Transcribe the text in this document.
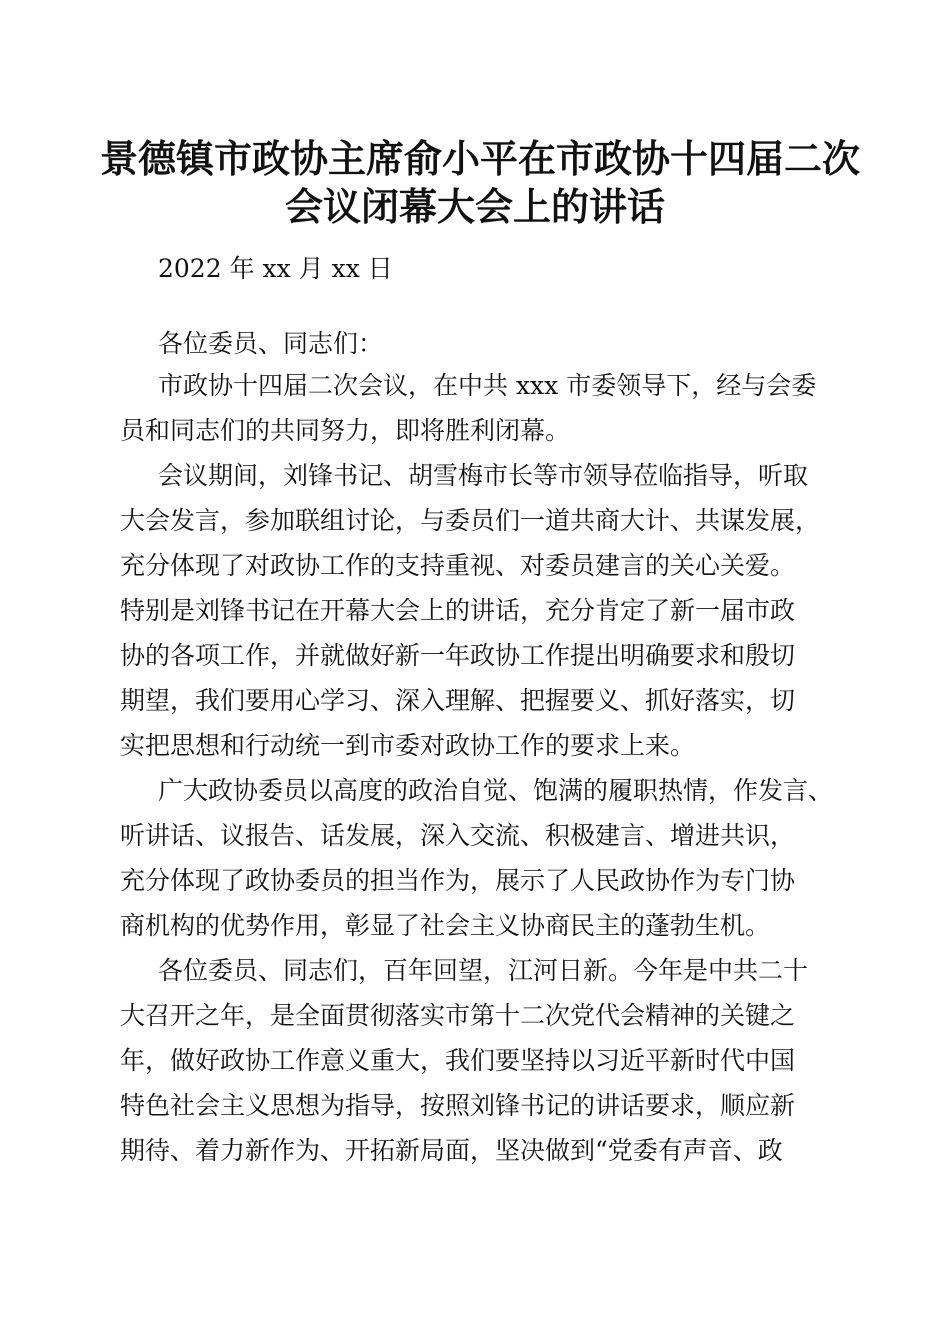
景德镇市政协主席俞小平在市政协十四届二次
会议闭幕大会上的讲话
2022 年 xx 月 xx 日
各位委员、同志们：
市政协十四届二次会议，在中共 xxx 市委领导下，经与会委
员和同志们的共同努力，即将胜利闭幕。
会议期间，刘锋书记、胡雪梅市长等市领导莅临指导，听取
大会发言，参加联组讨论，与委员们一道共商大计、共谋发展，
充分体现了对政协工作的支持重视、对委员建言的关心关爱。
特别是刘锋书记在开幕大会上的讲话，充分肯定了新一届市政
协的各项工作，并就做好新一年政协工作提出明确要求和殷切
期望，我们要用心学习、深入理解、把握要义、抓好落实，切
实把思想和行动统一到市委对政协工作的要求上来。
广大政协委员以高度的政治自觉、饱满的履职热情，作发言、
听讲话、议报告、话发展，深入交流、积极建言、增进共识，
充分体现了政协委员的担当作为，展示了人民政协作为专门协
商机构的优势作用，彰显了社会主义协商民主的蓬勃生机。
各位委员、同志们，百年回望，江河日新。今年是中共二十
大召开之年，是全面贯彻落实市第十二次党代会精神的关键之
年，做好政协工作意义重大，我们要坚持以习近平新时代中国
特色社会主义思想为指导，按照刘锋书记的讲话要求，顺应新
期待、着力新作为、开拓新局面，坚决做到“党委有声音、政
